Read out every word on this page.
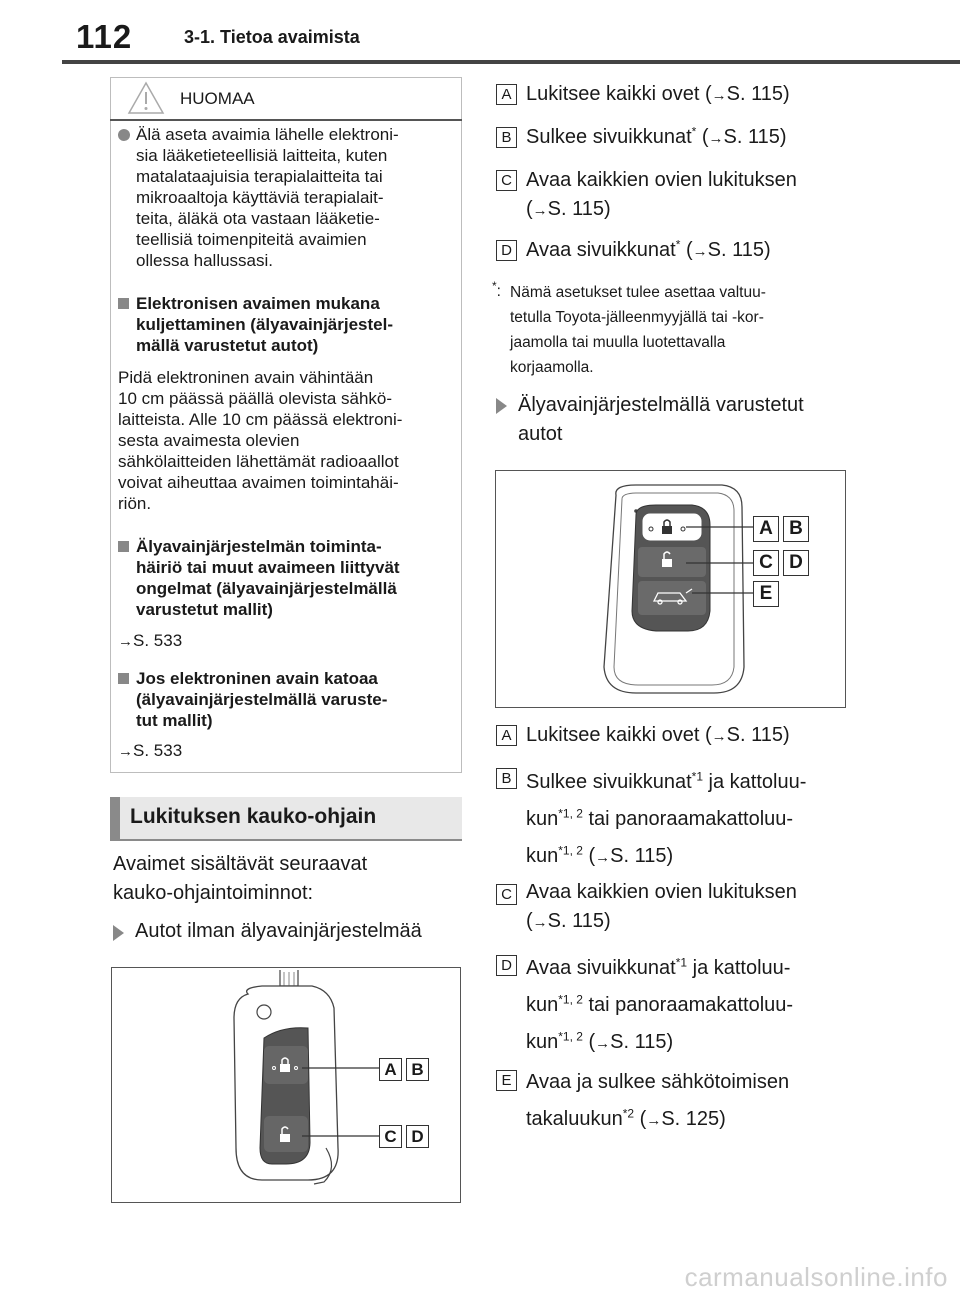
112	3-1. Tietoa avaimista
HUOMAA
Älä aseta avaimia lähelle elektroni-
sia lääketieteellisiä laitteita, kuten
matalataajuisia terapialaitteita tai
mikroaaltoja käyttäviä terapialait-
teita, äläkä ota vastaan lääketie-
teellisiä toimenpiteitä avaimien
ollessa hallussasi.
Elektronisen avaimen mukana
kuljettaminen (älyavainjärjestel-
mällä varustetut autot)
Pidä elektroninen avain vähintään
10 cm päässä päällä olevista sähkö-
laitteista. Alle 10 cm päässä elektroni-
sesta avaimesta olevien
sähkölaitteiden lähettämät radioaallot
voivat aiheuttaa avaimen toimintahäi-
riön.
Älyavainjärjestelmän toiminta-
häiriö tai muut avaimeen liittyvät
ongelmat (älyavainjärjestelmällä
varustetut mallit)
→S. 533
Jos elektroninen avain katoaa
(älyavainjärjestelmällä varuste-
tut mallit)
→S. 533
Lukituksen kauko-ohjain
Avaimet sisältävät seuraavat
kauko-ohjaintoiminnot:
Autot ilman älyavainjärjestelmää
A B
C D
A Lukitsee kaikki ovet (→S. 115)
B Sulkee sivuikkunat* (→S. 115)
C Avaa kaikkien ovien lukituksen
(→S. 115)
D Avaa sivuikkunat* (→S. 115)
*: Nämä asetukset tulee asettaa valtuu-
tetulla Toyota-jälleenmyyjällä tai -kor-
jaamolla tai muulla luotettavalla
korjaamolla.
Älyavainjärjestelmällä varustetut
autot
A B
C D
E
A Lukitsee kaikki ovet (→S. 115)
B Sulkee sivuikkunat$^{*1}$ ja kattoluu-
kun$^{*1, 2}$ tai panoraamakattoluu-
kun$^{*1, 2}$ (→S. 115)
C Avaa kaikkien ovien lukituksen
(→S. 115)
D Avaa sivuikkunat$^{*1}$ ja kattoluu-
kun$^{*1, 2}$ tai panoraamakattoluu-
kun$^{*1, 2}$ (→S. 115)
E Avaa ja sulkee sähkötoimisen
takaluukun$^{*2}$ (→S. 125)
carmanualsonline.info
